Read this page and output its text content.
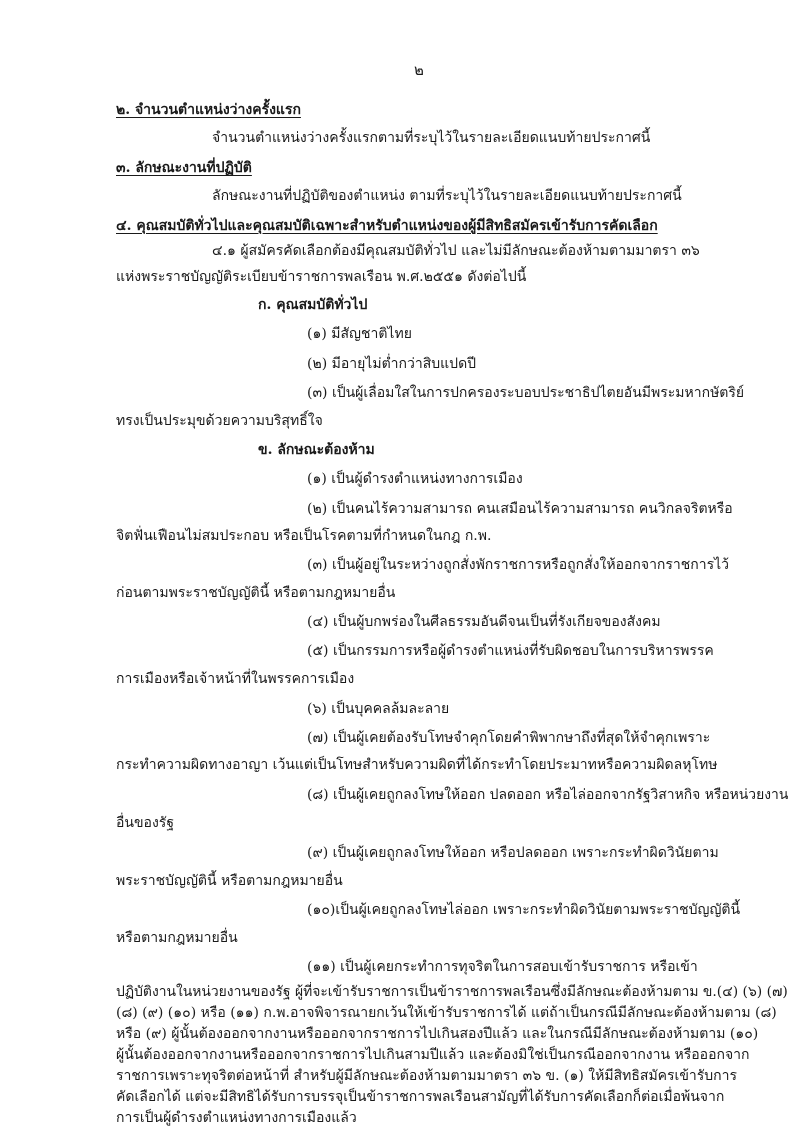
๒
๒. จำนวนตำแหน่งว่างครั้งแรก
จำนวนตำแหน่งว่างครั้งแรกตามที่ระบุไว้ในรายละเอียดแนบท้ายประกาศนี้
๓. ลักษณะงานที่ปฏิบัติ
ลักษณะงานที่ปฏิบัติของตำแหน่ง ตามที่ระบุไว้ในรายละเอียดแนบท้ายประกาศนี้
๔. คุณสมบัติทั่วไปและคุณสมบัติเฉพาะสำหรับตำแหน่งของผู้มีสิทธิสมัครเข้ารับการคัดเลือก
๔.๑ ผู้สมัครคัดเลือกต้องมีคุณสมบัติทั่วไป และไม่มีลักษณะต้องห้ามตามมาตรา ๓๖
แห่งพระราชบัญญัติระเบียบข้าราชการพลเรือน พ.ศ.๒๕๕๑ ดังต่อไปนี้
ก. คุณสมบัติทั่วไป
(๑) มีสัญชาติไทย
(๒) มีอายุไม่ต่ำกว่าสิบแปดปี
(๓) เป็นผู้เลื่อมใสในการปกครองระบอบประชาธิปไตยอันมีพระมหากษัตริย์
ทรงเป็นประมุขด้วยความบริสุทธิ์ใจ
ข. ลักษณะต้องห้าม
(๑) เป็นผู้ดำรงตำแหน่งทางการเมือง
(๒) เป็นคนไร้ความสามารถ คนเสมือนไร้ความสามารถ คนวิกลจริตหรือ
จิตฟั่นเฟือนไม่สมประกอบ หรือเป็นโรคตามที่กำหนดในกฎ ก.พ.
(๓) เป็นผู้อยู่ในระหว่างถูกสั่งพักราชการหรือถูกสั่งให้ออกจากราชการไว้
ก่อนตามพระราชบัญญัตินี้ หรือตามกฎหมายอื่น
(๔) เป็นผู้บกพร่องในศีลธรรมอันดีจนเป็นที่รังเกียจของสังคม
(๕) เป็นกรรมการหรือผู้ดำรงตำแหน่งที่รับผิดชอบในการบริหารพรรค
การเมืองหรือเจ้าหน้าที่ในพรรคการเมือง
(๖) เป็นบุคคลล้มละลาย
(๗) เป็นผู้เคยต้องรับโทษจำคุกโดยคำพิพากษาถึงที่สุดให้จำคุกเพราะ
กระทำความผิดทางอาญา เว้นแต่เป็นโทษสำหรับความผิดที่ได้กระทำโดยประมาทหรือความผิดลหุโทษ
(๘) เป็นผู้เคยถูกลงโทษให้ออก ปลดออก หรือไล่ออกจากรัฐวิสาหกิจ หรือหน่วยงาน
อื่นของรัฐ
(๙) เป็นผู้เคยถูกลงโทษให้ออก หรือปลดออก เพราะกระทำผิดวินัยตาม
พระราชบัญญัตินี้ หรือตามกฎหมายอื่น
(๑๐)เป็นผู้เคยถูกลงโทษไล่ออก เพราะกระทำผิดวินัยตามพระราชบัญญัตินี้
หรือตามกฎหมายอื่น
(๑๑) เป็นผู้เคยกระทำการทุจริตในการสอบเข้ารับราชการ หรือเข้า
ปฏิบัติงานในหน่วยงานของรัฐ ผู้ที่จะเข้ารับราชการเป็นข้าราชการพลเรือนซึ่งมีลักษณะต้องห้ามตาม ข.(๔) (๖) (๗)
(๘) (๙) (๑๐) หรือ (๑๑) ก.พ.อาจพิจารณายกเว้นให้เข้ารับราชการได้ แต่ถ้าเป็นกรณีมีลักษณะต้องห้ามตาม (๘)
หรือ (๙) ผู้นั้นต้องออกจากงานหรือออกจากราชการไปเกินสองปีแล้ว และในกรณีมีลักษณะต้องห้ามตาม (๑๐)
ผู้นั้นต้องออกจากงานหรือออกจากราชการไปเกินสามปีแล้ว และต้องมิใช่เป็นกรณีออกจากงาน หรือออกจาก
ราชการเพราะทุจริตต่อหน้าที่ สำหรับผู้มีลักษณะต้องห้ามตามมาตรา ๓๖ ข. (๑) ให้มีสิทธิสมัครเข้ารับการ
คัดเลือกได้ แต่จะมีสิทธิได้รับการบรรจุเป็นข้าราชการพลเรือนสามัญที่ได้รับการคัดเลือกก็ต่อเมื่อพ้นจาก
การเป็นผู้ดำรงตำแหน่งทางการเมืองแล้ว
